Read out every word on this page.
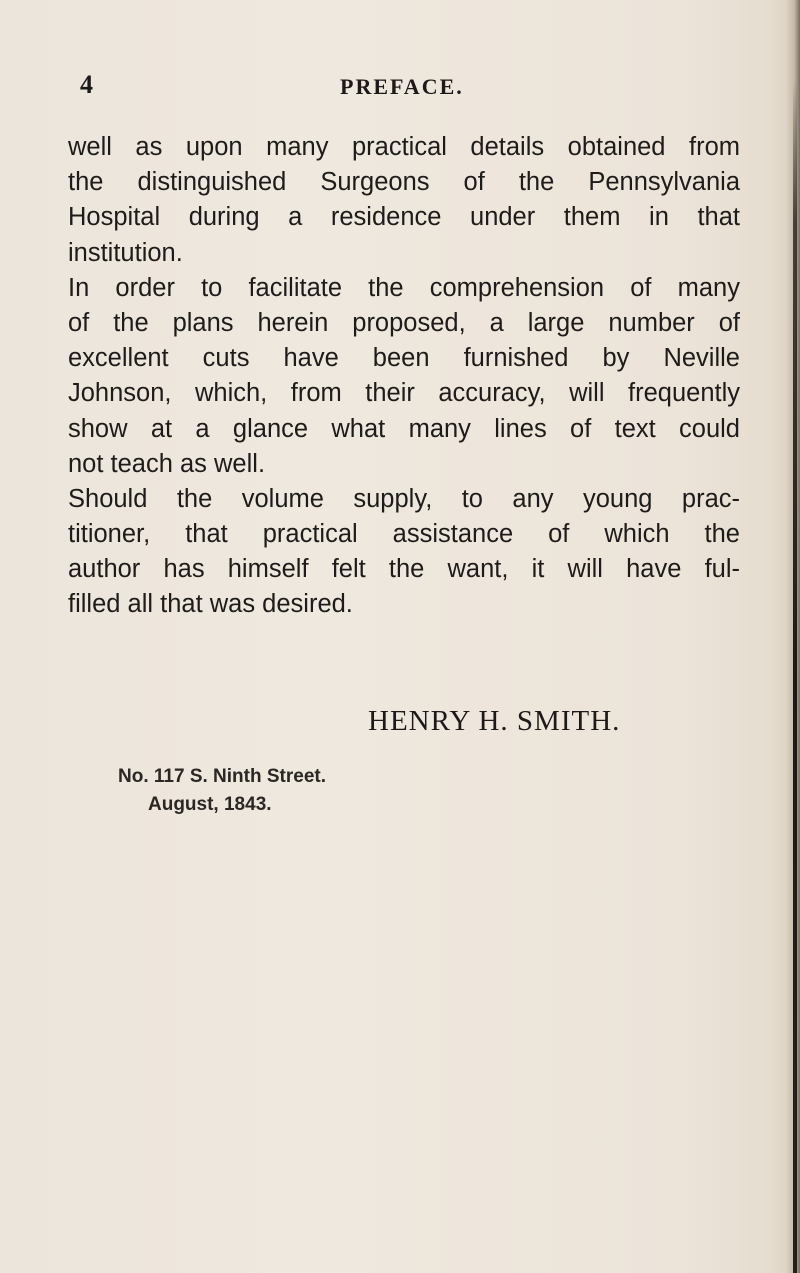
4	PREFACE.
well as upon many practical details obtained from
the distinguished Surgeons of the Pennsylvania
Hospital during a residence under them in that
institution.
In order to facilitate the comprehension of many
of the plans herein proposed, a large number of
excellent cuts have been furnished by Neville
Johnson, which, from their accuracy, will frequently
show at a glance what many lines of text could
not teach as well.
Should the volume supply, to any young prac-
titioner, that practical assistance of which the
author has himself felt the want, it will have ful-
filled all that was desired.
HENRY H. SMITH.
No. 117 S. Ninth Street.
August, 1843.
